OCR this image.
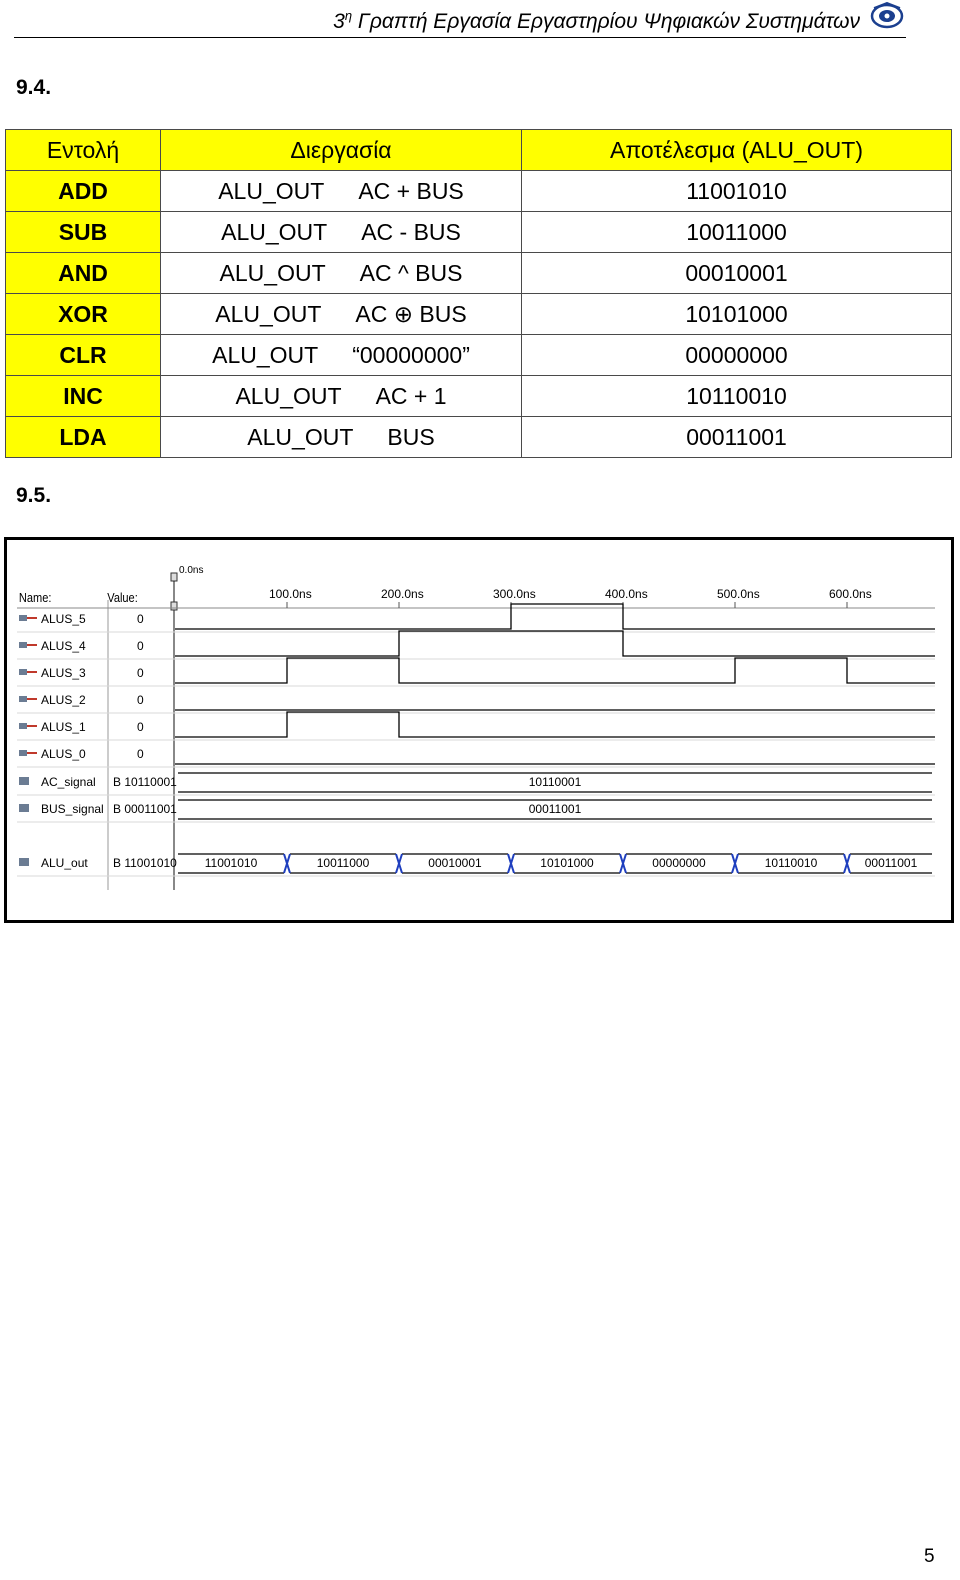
$3^\eta$ Γραπτή Εργασία Εργαστηρίου Ψηφιακών Συστημάτων
9.4.
Εντολή	Διεργασία	Αποτέλεσμα (ALU_OUT)
ADD	ALU_OUT AC + BUS	11001010
SUB	ALU_OUT AC - BUS	10011000
AND	ALU_OUT AC ^ BUS	00010001
XOR	ALU_OUT AC ⊕ BUS	10101000
CLR	ALU_OUT “00000000”	00000000
INC	ALU_OUT AC + 1	10110010
LDA	ALU_OUT BUS	00011001
9.5.
Name:	Value:
0.0ns
100.0ns	200.0ns	300.0ns	400.0ns	500.0ns	600.0ns
ALUS_5	0
ALUS_4	0
ALUS_3	0
ALUS_2	0
ALUS_1	0
ALUS_0	0
AC_signal B 10110001	10110001
BUS_signal B 00011001	00011001
ALU_out B 11001010 11001010	10011000	00010001	10101000	00000000	10110010	00011001
5
